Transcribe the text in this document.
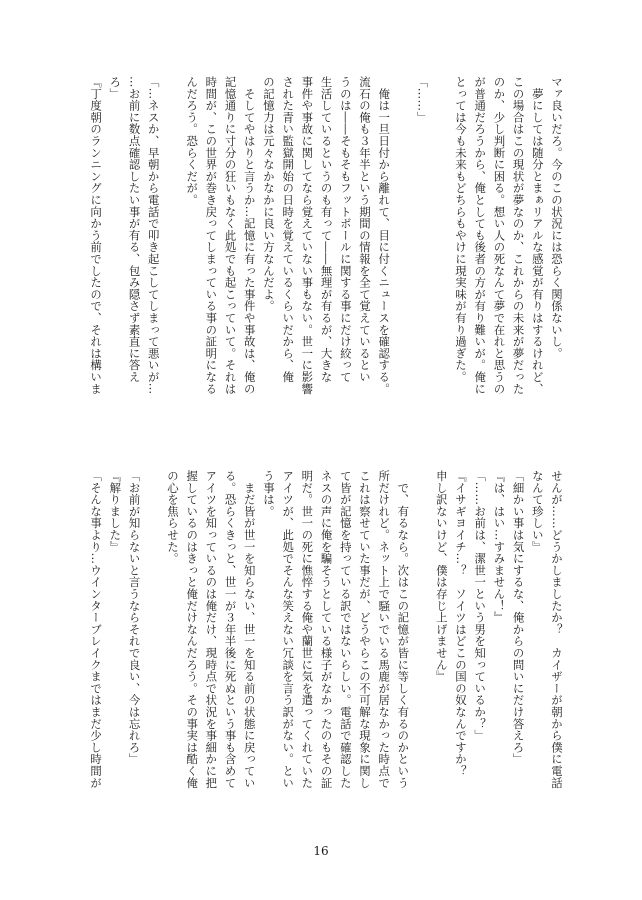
マァ良いだろ。今のこの状況には恐らく関係ないし。

　夢にしては随分とまぁリアルな感覚が有りはするけれど、

この場合はこの現状が夢なのか、これからの未来が夢だった

のか、少し判断に困る。想い人の死なんて夢で在れと思うの

が普通だろうから、俺としても後者の方が有り難いが。俺に

とっては今も未来もどちらもやけに現実味が有り過ぎた。

「……」

　俺は一旦日付から離れて、目に付くニュースを確認する。

流石の俺も３年半という期間の情報を全て覚えているとい

うのは――そもそもフットボールに関する事にだけ絞って

生活しているというのも有って――無理が有るが、大きな

事件や事故に関してなら覚えていない事もない。世一に影響

された青い監獄開始の日時を覚えているくらいだから、俺

の記憶力は元々なかなかに良い方なんだよ。

　そしてやはりと言うか…記憶に有った事件や事故は、俺の

記憶通りに寸分の狂いもなく此処でも起こっていて。それは

時間が、この世界が巻き戻ってしまっている事の証明になる

んだろう。恐らくだが。

「…ネスか、早朝から電話で叩き起こしてしまって悪いが…

…お前に数点確認したい事が有る、包み隠さず素直に答え

ろ」

『丁度朝のランニングに向かう前でしたので、それは構いま

せんが……どうかしましたか？　カイザーが朝から僕に電話

なんて珍しい』

「細かい事は気にするな、俺からの問いにだけ答えろ」

『は、はい…すみません！』

「……お前は、潔世一という男を知っているか？」

『イサギヨイチ…？　ソイツはどこの国の奴なんですか？

申し訳ないけど、僕は存じ上げません』

　で、有るなら。次はこの記憶が皆に等しく有るのかという

所だけれど。ネット上で騒いでいる馬鹿が居なかった時点で

これは察せていた事だが、どうやらこの不可解な現象に関し

て皆が記憶を持っている訳ではないらしい。電話で確認した

ネスの声に俺を騙そうとしている様子がなかったのもその証

明だ。世一の死に憔悴する俺や蘭世に気を遣ってくれていた

アイツが、此処でそんな笑えない冗談を言う訳がない。とい

う事は。

　まだ皆が世一を知らない、世一を知る前の状態に戻ってい

る。恐らくきっと、世一が３年半後に死ぬという事も含めて

アイツを知っているのは俺だけ、現時点で状況を事細かに把

握しているのはきっと俺だけなんだろう。その事実は酷く俺

の心を焦らせた。

「お前が知らないと言うならそれで良い、今は忘れろ」

『解りました』

「そんな事より…ウインターブレイクまではまだ少し時間が

16
